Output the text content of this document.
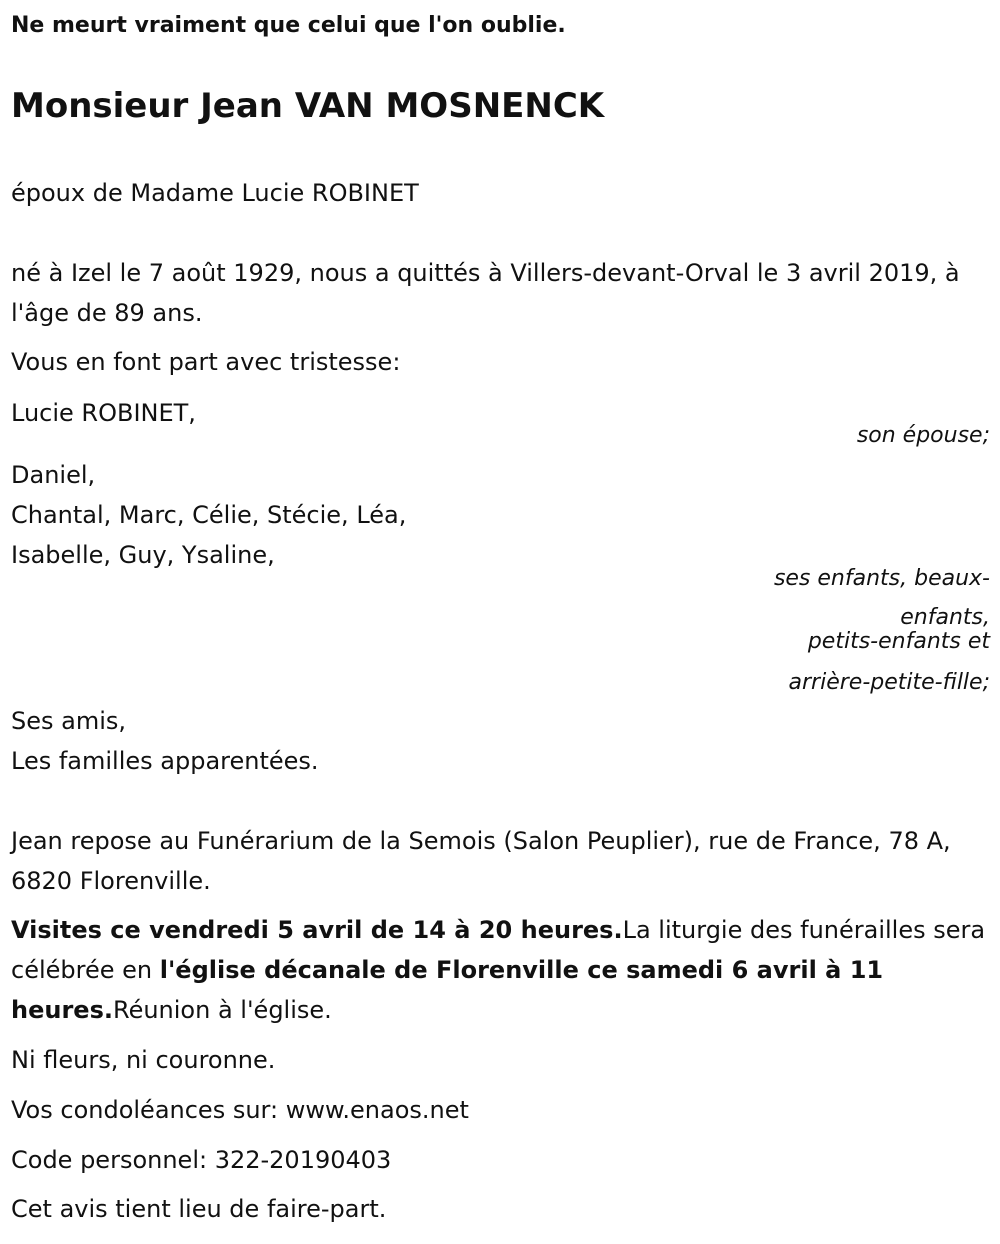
Ne meurt vraiment que celui que l'on oublie.

Monsieur Jean VAN MOSNENCK

époux de Madame Lucie ROBINET

né à Izel le 7 août 1929, nous a quittés à Villers-devant-Orval le 3 avril 2019, à l'âge de 89 ans.

Vous en font part avec tristesse:

Lucie ROBINET,

son épouse;

Daniel,

Chantal, Marc, Célie, Stécie, Léa,

Isabelle, Guy, Ysaline,

ses enfants, beaux-

enfants,

petits-enfants et

arrière-petite-fille;

Ses amis,

Les familles apparentées.

Jean repose au Funérarium de la Semois (Salon Peuplier), rue de France, 78 A, 6820 Florenville.

Visites ce vendredi 5 avril de 14 à 20 heures.La liturgie des funérailles sera célébrée en l'église décanale de Florenville ce samedi 6 avril à 11 heures.Réunion à l'église.

Ni fleurs, ni couronne.

Vos condoléances sur: www.enaos.net

Code personnel: 322-20190403

Cet avis tient lieu de faire-part.
